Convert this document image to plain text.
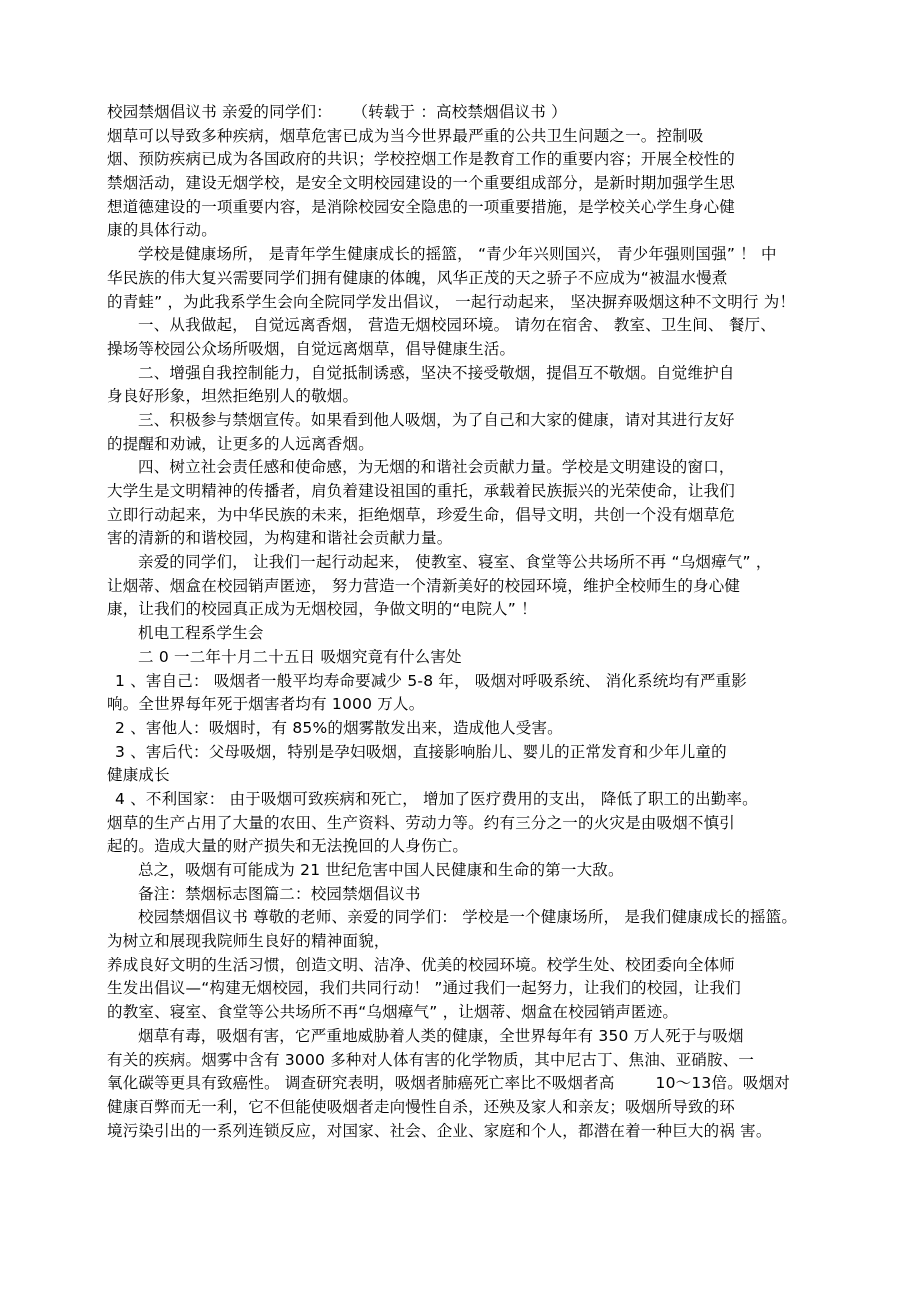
校园禁烟倡议书 亲爱的同学们：    （转载于 ：高校禁烟倡议书 ）
烟草可以导致多种疾病，烟草危害已成为当今世界最严重的公共卫生问题之一。控制吸
烟、预防疾病已成为各国政府的共识；学校控烟工作是教育工作的重要内容；开展全校性的
禁烟活动，建设无烟学校，是安全文明校园建设的一个重要组成部分，是新时期加强学生思
想道德建设的一项重要内容，是消除校园安全隐患的一项重要措施，是学校关心学生身心健
康的具体行动。
学校是健康场所， 是青年学生健康成长的摇篮， “青少年兴则国兴， 青少年强则国强” ！ 中
华民族的伟大复兴需要同学们拥有健康的体魄，风华正茂的天之骄子不应成为“被温水慢煮
的青蛙” ，为此我系学生会向全院同学发出倡议， 一起行动起来， 坚决摒弃吸烟这种不文明行 为！
一、从我做起， 自觉远离香烟， 营造无烟校园环境。 请勿在宿舍、 教室、卫生间、 餐厅、
操场等校园公众场所吸烟，自觉远离烟草，倡导健康生活。
二、增强自我控制能力，自觉抵制诱惑，坚决不接受敬烟，提倡互不敬烟。自觉维护自
身良好形象，坦然拒绝别人的敬烟。
三、积极参与禁烟宣传。如果看到他人吸烟，为了自己和大家的健康，请对其进行友好
的提醒和劝诫，让更多的人远离香烟。
四、树立社会责任感和使命感，为无烟的和谐社会贡献力量。学校是文明建设的窗口，
大学生是文明精神的传播者，肩负着建设祖国的重托，承载着民族振兴的光荣使命，让我们
立即行动起来，为中华民族的未来，拒绝烟草，珍爱生命，倡导文明，共创一个没有烟草危
害的清新的和谐校园，为构建和谐社会贡献力量。
亲爱的同学们， 让我们一起行动起来， 使教室、寝室、食堂等公共场所不再 “乌烟瘴气” ，
让烟蒂、烟盒在校园销声匿迹， 努力营造一个清新美好的校园环境，维护全校师生的身心健
康，让我们的校园真正成为无烟校园，争做文明的“电院人” ！
机电工程系学生会
二 0 一二年十月二十五日 吸烟究竟有什么害处
1 、害自己： 吸烟者一般平均寿命要减少 5-8 年， 吸烟对呼吸系统、 消化系统均有严重影
响。全世界每年死于烟害者均有 1000 万人。
2 、害他人：吸烟时，有 85%的烟雾散发出来，造成他人受害。
3 、害后代：父母吸烟，特别是孕妇吸烟，直接影响胎儿、婴儿的正常发育和少年儿童的
健康成长
4 、不利国家： 由于吸烟可致疾病和死亡， 增加了医疗费用的支出， 降低了职工的出勤率。
烟草的生产占用了大量的农田、生产资料、劳动力等。约有三分之一的火灾是由吸烟不慎引
起的。造成大量的财产损失和无法挽回的人身伤亡。
总之，吸烟有可能成为 21 世纪危害中国人民健康和生命的第一大敌。
备注：禁烟标志图篇二：校园禁烟倡议书
校园禁烟倡议书 尊敬的老师、亲爱的同学们： 学校是一个健康场所， 是我们健康成长的摇篮。
为树立和展现我院师生良好的精神面貌，
养成良好文明的生活习惯，创造文明、洁净、优美的校园环境。校学生处、校团委向全体师
生发出倡议—“构建无烟校园，我们共同行动！ ”通过我们一起努力，让我们的校园，让我们
的教室、寝室、食堂等公共场所不再“乌烟瘴气” ，让烟蒂、烟盒在校园销声匿迹。
烟草有毒，吸烟有害，它严重地威胁着人类的健康，全世界每年有 350 万人死于与吸烟
有关的疾病。烟雾中含有 3000 多种对人体有害的化学物质，其中尼古丁、焦油、亚硝胺、一
氧化碳等更具有致癌性。 调查研究表明，吸烟者肺癌死亡率比不吸烟者高        10～13倍。吸烟对
健康百弊而无一利，它不但能使吸烟者走向慢性自杀，还殃及家人和亲友；吸烟所导致的环
境污染引出的一系列连锁反应，对国家、社会、企业、家庭和个人，都潜在着一种巨大的祸 害。
